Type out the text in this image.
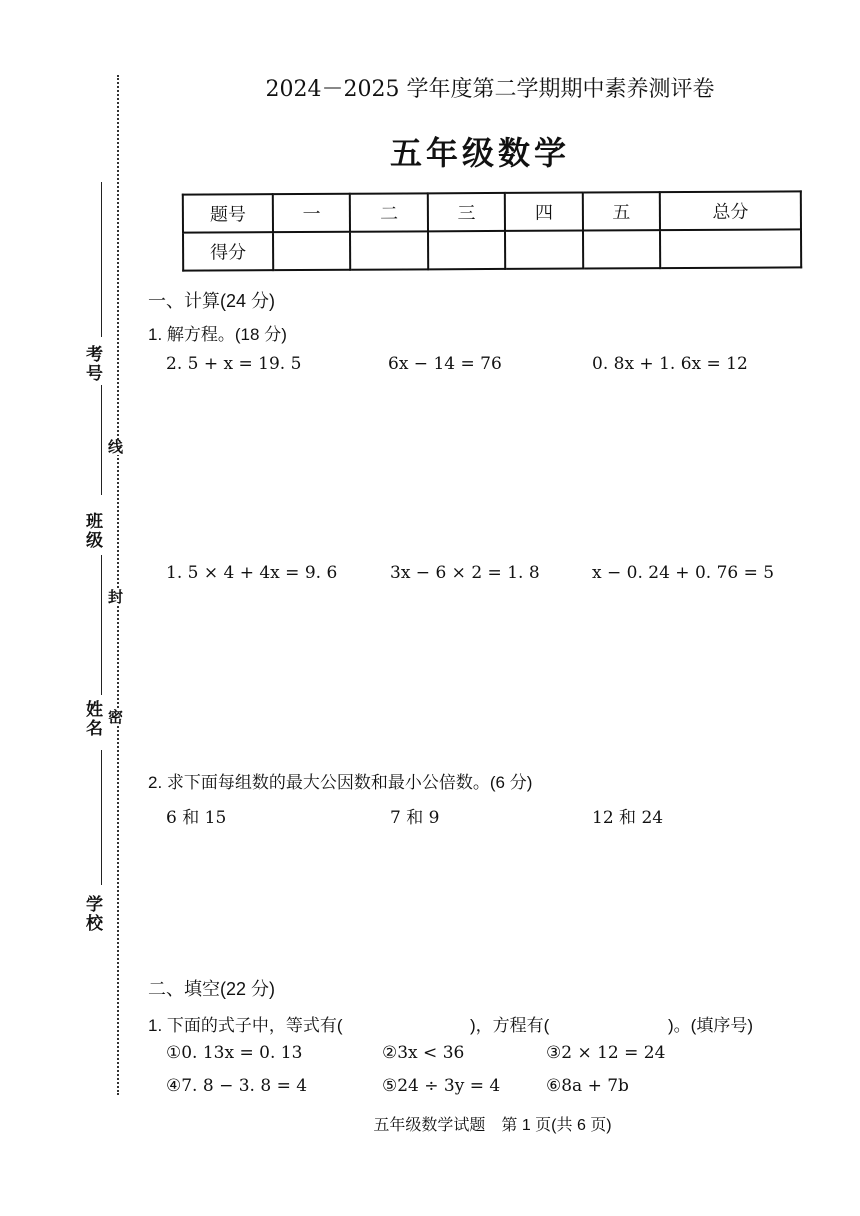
考号
班级
姓名
学校
线
封
密
2024－2025 学年度第二学期期中素养测评卷
五年级数学
题号	一	二	三	四	五	总分
得分						
一、计算(24 分)
1. 解方程。(18 分)
2. 5 + x = 19. 5	6x − 14 = 76	0. 8x + 1. 6x = 12
1. 5 × 4 + 4x = 9. 6	3x − 6 × 2 = 1. 8	x − 0. 24 + 0. 76 = 5
2. 求下面每组数的最大公因数和最小公倍数。(6 分)
6 和 15	7 和 9	12 和 24
二、填空(22 分)
1. 下面的式子中，等式有(	)，方程有(	)。(填序号)
①0. 13x = 0. 13	②3x < 36	③2 × 12 = 24
④7. 8 − 3. 8 = 4	⑤24 ÷ 3y = 4	⑥8a + 7b
五年级数学试题　第 1 页(共 6 页)
